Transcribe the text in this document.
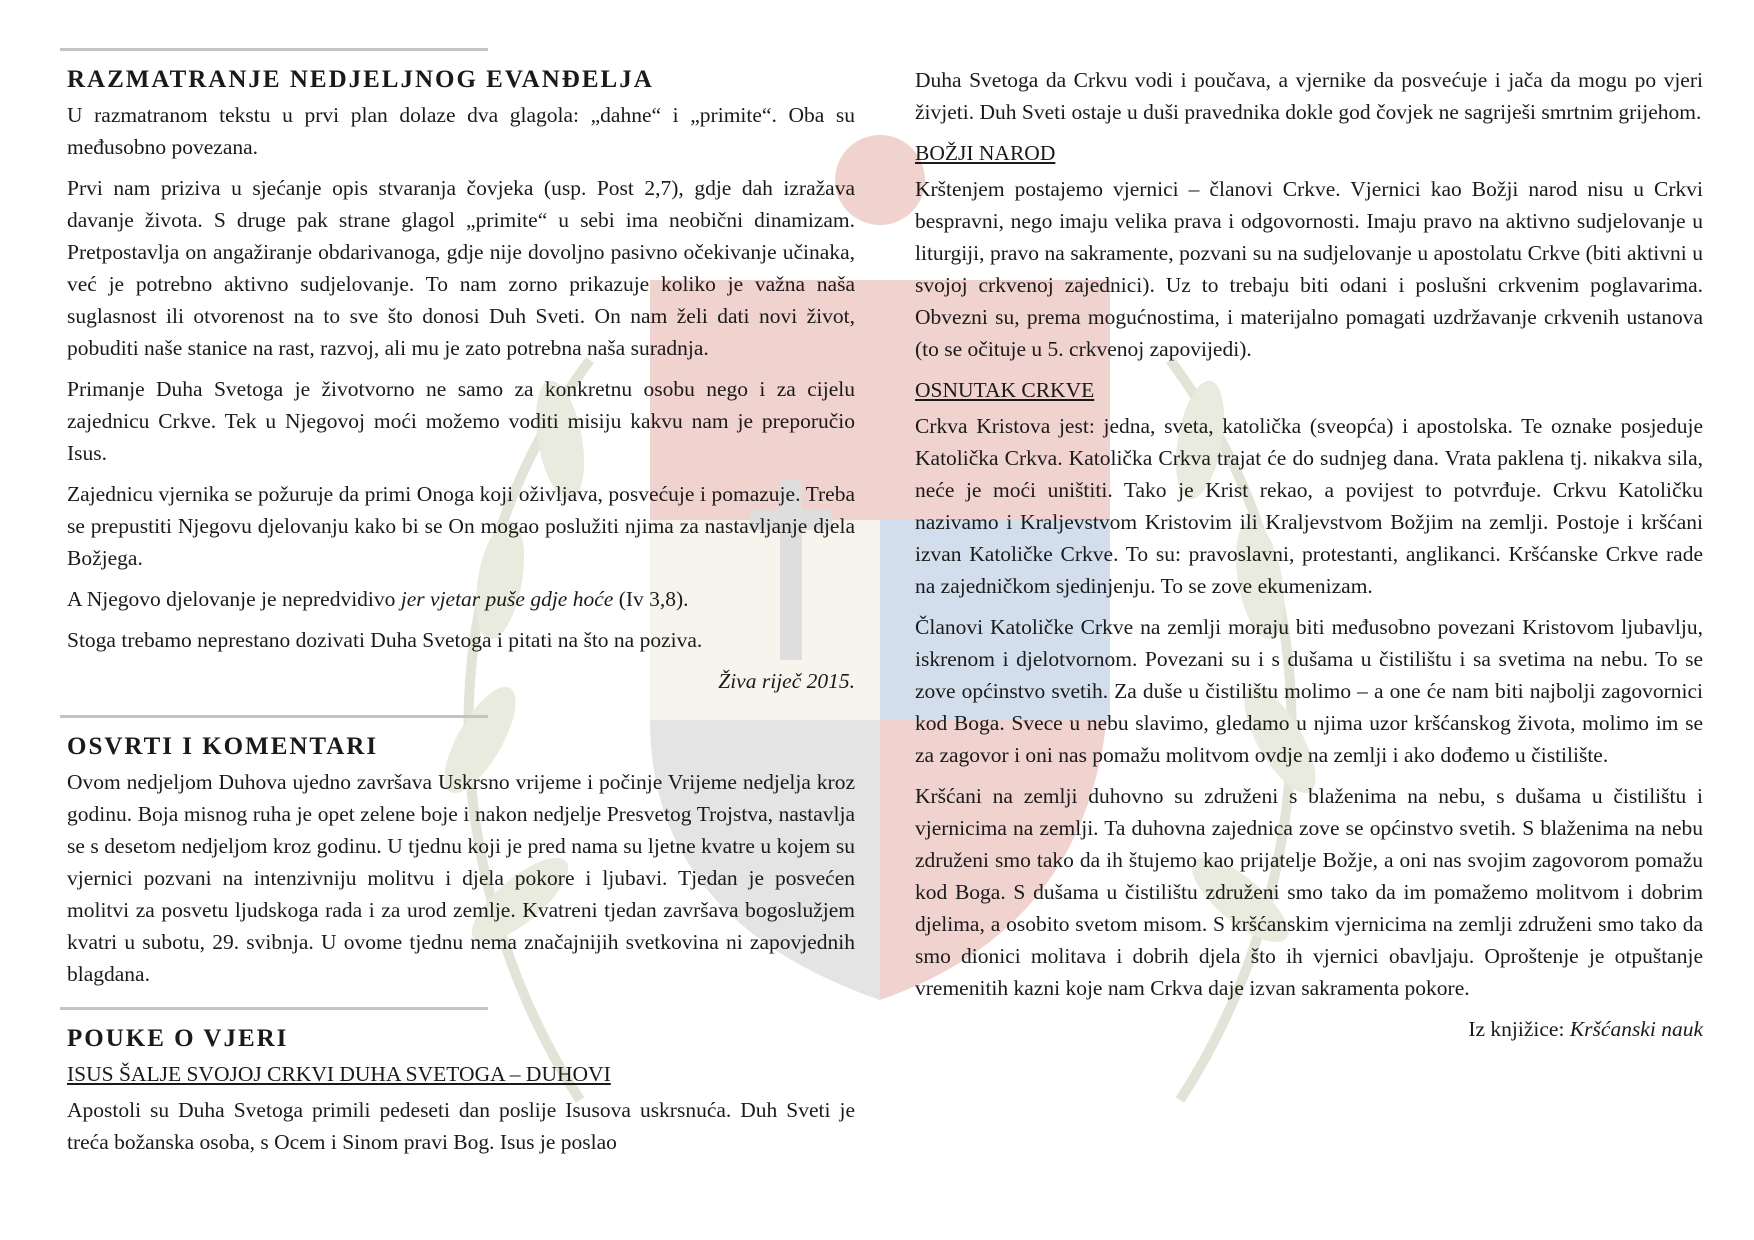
RAZMATRANJE NEDJELJNOG EVANĐELJA

U razmatranom tekstu u prvi plan dolaze dva glagola: „dahne“ i „primite“. Oba su međusobno povezana.

Prvi nam priziva u sjećanje opis stvaranja čovjeka (usp. Post 2,7), gdje dah izražava davanje života. S druge pak strane glagol „primite“ u sebi ima neobični dinamizam. Pretpostavlja on angažiranje obdarivanoga, gdje nije dovoljno pasivno očekivanje učinaka, već je potrebno aktivno sudjelovanje. To nam zorno prikazuje koliko je važna naša suglasnost ili otvorenost na to sve što donosi Duh Sveti. On nam želi dati novi život, pobuditi naše stanice na rast, razvoj, ali mu je zato potrebna naša suradnja.

Primanje Duha Svetoga je životvorno ne samo za konkretnu osobu nego i za cijelu zajednicu Crkve. Tek u Njegovoj moći možemo voditi misiju kakvu nam je preporučio Isus.

Zajednicu vjernika se požuruje da primi Onoga koji oživljava, posvećuje i pomazuje. Treba se prepustiti Njegovu djelovanju kako bi se On mogao poslužiti njima za nastavljanje djela Božjega.

A Njegovo djelovanje je nepredvidivo jer vjetar puše gdje hoće (Iv 3,8).

Stoga trebamo neprestano dozivati Duha Svetoga i pitati na što na poziva.

Živa riječ 2015.

OSVRTI I KOMENTARI

Ovom nedjeljom Duhova ujedno završava Uskrsno vrijeme i počinje Vrijeme nedjelja kroz godinu. Boja misnog ruha je opet zelene boje i nakon nedjelje Presvetog Trojstva, nastavlja se s desetom nedjeljom kroz godinu. U tjednu koji je pred nama su ljetne kvatre u kojem su vjernici pozvani na intenzivniju molitvu i djela pokore i ljubavi. Tjedan je posvećen molitvi za posvetu ljudskoga rada i za urod zemlje. Kvatreni tjedan završava bogoslužjem kvatri u subotu, 29. svibnja. U ovome tjednu nema značajnijih svetkovina ni zapovjednih blagdana.

POUKE O VJERI
ISUS ŠALJE SVOJOJ CRKVI DUHA SVETOGA – DUHOVI

Apostoli su Duha Svetoga primili pedeseti dan poslije Isusova uskrsnuća. Duh Sveti je treća božanska osoba, s Ocem i Sinom pravi Bog. Isus je poslao

Duha Svetoga da Crkvu vodi i poučava, a vjernike da posvećuje i jača da mogu po vjeri živjeti. Duh Sveti ostaje u duši pravednika dokle god čovjek ne sagriješi smrtnim grijehom.

BOŽJI NAROD

Krštenjem postajemo vjernici – članovi Crkve. Vjernici kao Božji narod nisu u Crkvi bespravni, nego imaju velika prava i odgovornosti. Imaju pravo na aktivno sudjelovanje u liturgiji, pravo na sakramente, pozvani su na sudjelovanje u apostolatu Crkve (biti aktivni u svojoj crkvenoj zajednici). Uz to trebaju biti odani i poslušni crkvenim poglavarima. Obvezni su, prema mogućnostima, i materijalno pomagati uzdržavanje crkvenih ustanova (to se očituje u 5. crkvenoj zapovijedi).

OSNUTAK CRKVE

Crkva Kristova jest: jedna, sveta, katolička (sveopća) i apostolska. Te oznake posjeduje Katolička Crkva. Katolička Crkva trajat će do sudnjeg dana. Vrata paklena tj. nikakva sila, neće je moći uništiti. Tako je Krist rekao, a povijest to potvrđuje. Crkvu Katoličku nazivamo i Kraljevstvom Kristovim ili Kraljevstvom Božjim na zemlji. Postoje i kršćani izvan Katoličke Crkve. To su: pravoslavni, protestanti, anglikanci. Kršćanske Crkve rade na zajedničkom sjedinjenju. To se zove ekumenizam.

Članovi Katoličke Crkve na zemlji moraju biti međusobno povezani Kristovom ljubavlju, iskrenom i djelotvornom. Povezani su i s dušama u čistilištu i sa svetima na nebu. To se zove općinstvo svetih. Za duše u čistilištu molimo – a one će nam biti najbolji zagovornici kod Boga. Svece u nebu slavimo, gledamo u njima uzor kršćanskog života, molimo im se za zagovor i oni nas pomažu molitvom ovdje na zemlji i ako dođemo u čistilište.

Kršćani na zemlji duhovno su združeni s blaženima na nebu, s dušama u čistilištu i vjernicima na zemlji. Ta duhovna zajednica zove se općinstvo svetih. S blaženima na nebu združeni smo tako da ih štujemo kao prijatelje Božje, a oni nas svojim zagovorom pomažu kod Boga. S dušama u čistilištu združeni smo tako da im pomažemo molitvom i dobrim djelima, a osobito svetom misom. S kršćanskim vjernicima na zemlji združeni smo tako da smo dionici molitava i dobrih djela što ih vjernici obavljaju. Oproštenje je otpuštanje vremenitih kazni koje nam Crkva daje izvan sakramenta pokore.

Iz knjižice: Kršćanski nauk
